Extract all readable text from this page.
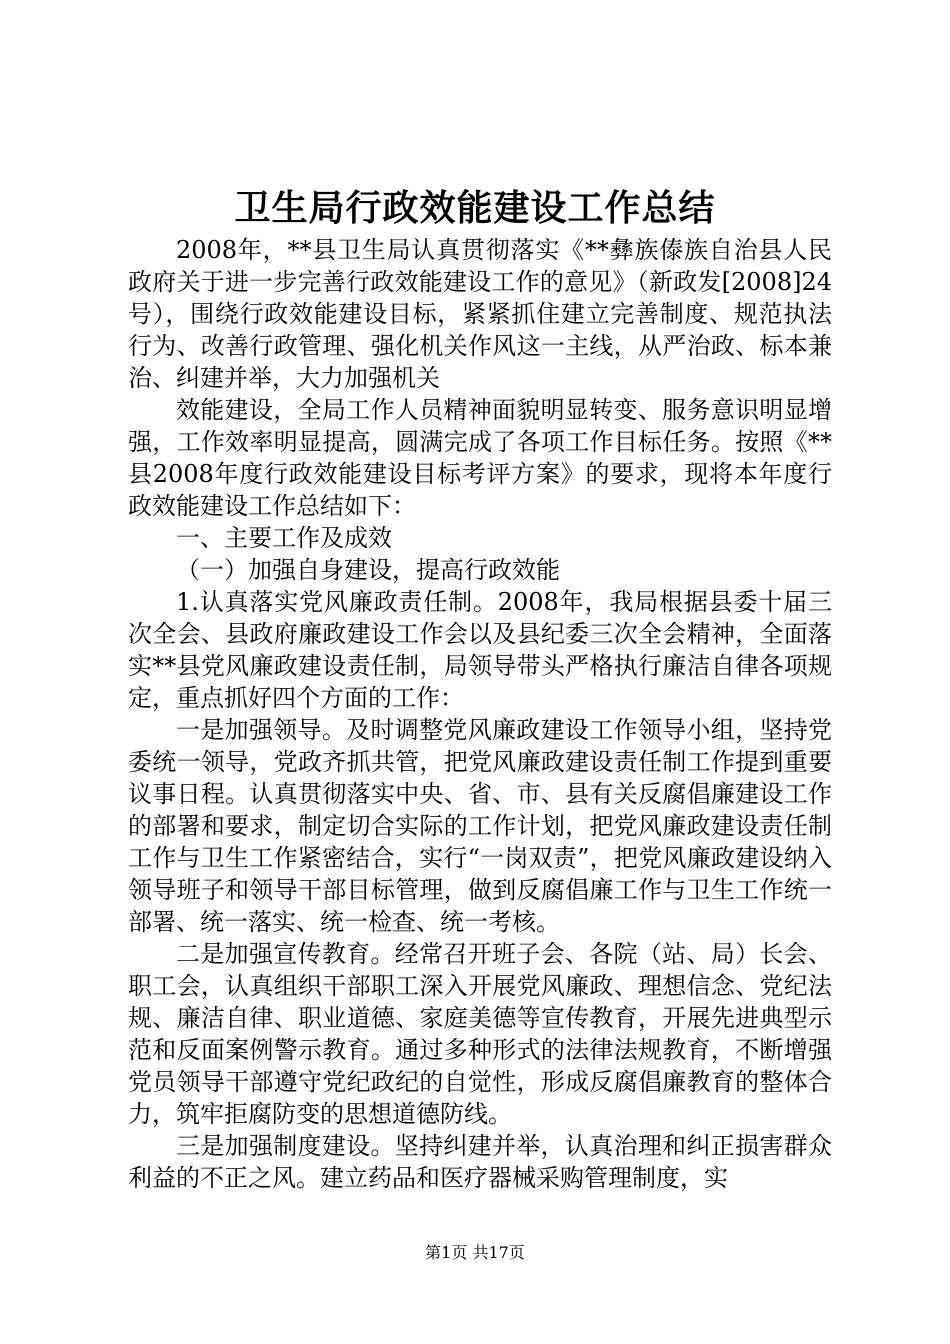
卫生局行政效能建设工作总结

2008年，**县卫生局认真贯彻落实《**彝族傣族自治县人民政府关于进一步完善行政效能建设工作的意见》（新政发[2008]24号），围绕行政效能建设目标，紧紧抓住建立完善制度、规范执法行为、改善行政管理、强化机关作风这一主线，从严治政、标本兼治、纠建并举，大力加强机关

效能建设，全局工作人员精神面貌明显转变、服务意识明显增强，工作效率明显提高，圆满完成了各项工作目标任务。按照《**县2008年度行政效能建设目标考评方案》的要求，现将本年度行政效能建设工作总结如下：

一、主要工作及成效

（一）加强自身建设，提高行政效能

1.认真落实党风廉政责任制。2008年，我局根据县委十届三次全会、县政府廉政建设工作会以及县纪委三次全会精神，全面落实**县党风廉政建设责任制，局领导带头严格执行廉洁自律各项规定，重点抓好四个方面的工作：

一是加强领导。及时调整党风廉政建设工作领导小组，坚持党委统一领导，党政齐抓共管，把党风廉政建设责任制工作提到重要议事日程。认真贯彻落实中央、省、市、县有关反腐倡廉建设工作的部署和要求，制定切合实际的工作计划，把党风廉政建设责任制工作与卫生工作紧密结合，实行“一岗双责”，把党风廉政建设纳入领导班子和领导干部目标管理，做到反腐倡廉工作与卫生工作统一部署、统一落实、统一检查、统一考核。

二是加强宣传教育。经常召开班子会、各院（站、局）长会、职工会，认真组织干部职工深入开展党风廉政、理想信念、党纪法规、廉洁自律、职业道德、家庭美德等宣传教育，开展先进典型示范和反面案例警示教育。通过多种形式的法律法规教育，不断增强党员领导干部遵守党纪政纪的自觉性，形成反腐倡廉教育的整体合力，筑牢拒腐防变的思想道德防线。

三是加强制度建设。坚持纠建并举，认真治理和纠正损害群众利益的不正之风。建立药品和医疗器械采购管理制度，实

第1页 共17页
